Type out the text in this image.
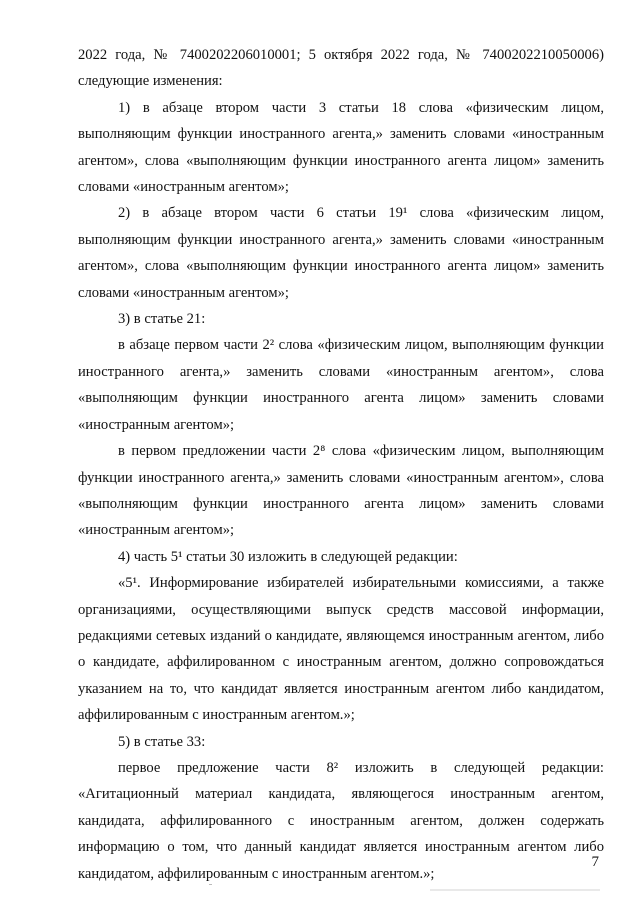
2022 года, № 7400202206010001; 5 октября 2022 года, № 7400202210050006) следующие изменения:

1) в абзаце втором части 3 статьи 18 слова «физическим лицом, выполняющим функции иностранного агента,» заменить словами «иностранным агентом», слова «выполняющим функции иностранного агента лицом» заменить словами «иностранным агентом»;

2) в абзаце втором части 6 статьи 19¹ слова «физическим лицом, выполняющим функции иностранного агента,» заменить словами «иностранным агентом», слова «выполняющим функции иностранного агента лицом» заменить словами «иностранным агентом»;

3) в статье 21:

в абзаце первом части 2² слова «физическим лицом, выполняющим функции иностранного агента,» заменить словами «иностранным агентом», слова «выполняющим функции иностранного агента лицом» заменить словами «иностранным агентом»;

в первом предложении части 2⁸ слова «физическим лицом, выполняющим функции иностранного агента,» заменить словами «иностранным агентом», слова «выполняющим функции иностранного агента лицом» заменить словами «иностранным агентом»;

4) часть 5¹ статьи 30 изложить в следующей редакции:

«5¹. Информирование избирателей избирательными комиссиями, а также организациями, осуществляющими выпуск средств массовой информации, редакциями сетевых изданий о кандидате, являющемся иностранным агентом, либо о кандидате, аффилированном с иностранным агентом, должно сопровождаться указанием на то, что кандидат является иностранным агентом либо кандидатом, аффилированным с иностранным агентом.»;

5) в статье 33:

первое предложение части 8² изложить в следующей редакции: «Агитационный материал кандидата, являющегося иностранным агентом, кандидата, аффилированного с иностранным агентом, должен содержать информацию о том, что данный кандидат является иностранным агентом либо кандидатом, аффилированным с иностранным агентом.»;

7
